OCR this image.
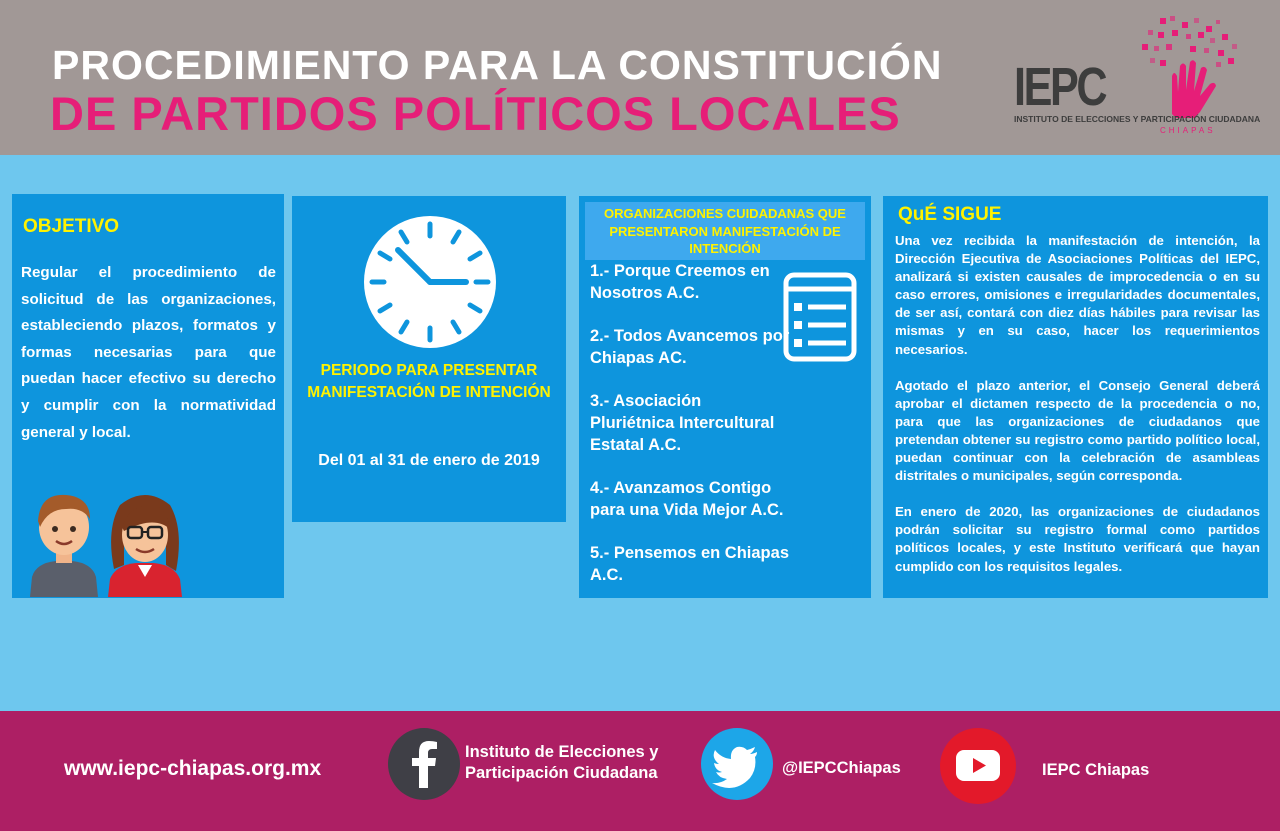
PROCEDIMIENTO PARA LA CONSTITUCIÓN
DE PARTIDOS POLÍTICOS LOCALES IEPC
INSTITUTO DE ELECCIONES Y PARTICIPACIÓN CIUDADANA
CHIAPAS
OBJETIVO
Regular el procedimiento de solicitud de las organizaciones, estableciendo plazos, formatos y formas necesarias para que puedan hacer efectivo su derecho y cumplir con la normatividad general y local.
PERIODO PARA PRESENTAR MANIFESTACIÓN DE INTENCIÓN
Del 01 al 31 de enero de 2019
ORGANIZACIONES CUIDADANAS QUE PRESENTARON MANIFESTACIÓN DE INTENCIÓN
1.- Porque Creemos en Nosotros A.C.
2.- Todos Avancemos por Chiapas AC.
3.- Asociación Pluriétnica Intercultural Estatal A.C.
4.- Avanzamos Contigo para una Vida Mejor A.C.
5.- Pensemos en Chiapas A.C.
QuÉ SIGUE

Una vez recibida la manifestación de intención, la Dirección Ejecutiva de Asociaciones Políticas del IEPC, analizará si existen causales de improcedencia o en su caso errores, omisiones e irregularidades documentales, de ser así, contará con diez días hábiles para revisar las mismas y en su caso, hacer los requerimientos necesarios.

Agotado el plazo anterior, el Consejo General deberá aprobar el dictamen respecto de la procedencia o no, para que las organizaciones de ciudadanos que pretendan obtener su registro como partido político local, puedan continuar con la celebración de asambleas distritales o municipales, según corresponda.

En enero de 2020, las organizaciones de ciudadanos podrán solicitar su registro formal como partidos políticos locales, y este Instituto verificará que hayan cumplido con los requisitos legales.

www.iepc-chiapas.org.mx
Instituto de Elecciones y
Participación Ciudadana	@IEPCChiapas	IEPC Chiapas
